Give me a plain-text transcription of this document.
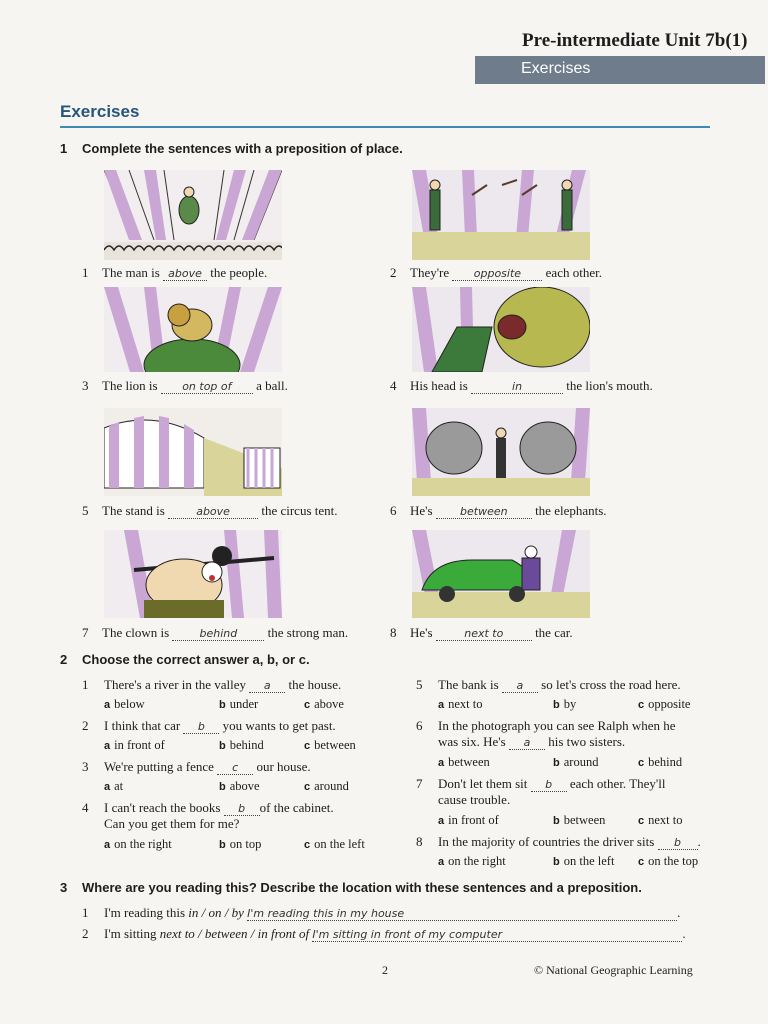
Pre-intermediate Unit 7b(1)
Exercises
Exercises
1 Complete the sentences with a preposition of place.
1 The man is above the people.	2 They're opposite each other.
3 The lion is on top of a ball.	4 His head is	in	the lion's mouth.
5 The stand is	above the circus tent.	6 He's between the elephants.
7 The clown is	behind the strong man.	8 He's	next to the car.
2 Choose the correct answer a, b, or c.
1 There's a river in the valley a the house.
a below	b under	c above
2 I think that car b you wants to get past.
a in front of	b behind	c between
3 We're putting a fence c our house.
a at	b above	c around
4 I can't reach the books b of the cabinet.
Can you get them for me?
a on the right	b on top	c on the left
5 The bank is a so let's cross the road here.
a next to	b by	c opposite
6 In the photograph you can see Ralph when he
was six. He's a his two sisters.
a between	b around	c behind
7 Don't let them sit b each other. They'll
cause trouble.
a in front of	b between	c next to
8 In the majority of countries the driver sits b .
a on the right	b on the left c on the top
3 Where are you reading this? Describe the location with these sentences and a preposition.
1 I'm reading this in / on / by I'm reading this in my house	.
2 I'm sitting next to / between / in front of I'm sitting in front of my computer	.
2	© National Geographic Learning
